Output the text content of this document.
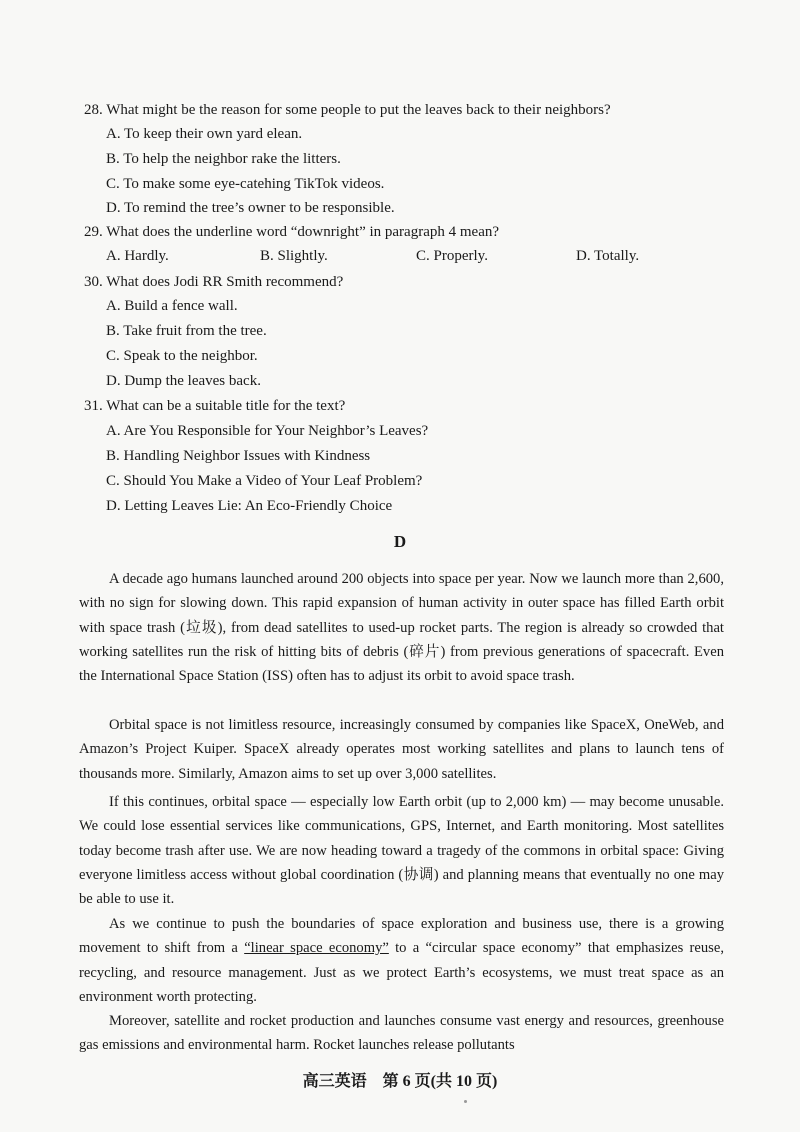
28. What might be the reason for some people to put the leaves back to their neighbors?
A. To keep their own yard elean.
B. To help the neighbor rake the litters.
C. To make some eye-catehing TikTok videos.
D. To remind the tree’s owner to be responsible.
29. What does the underline word “downright” in paragraph 4 mean?
A. Hardly.	B. Slightly.	C. Properly.	D. Totally.
30. What does Jodi RR Smith recommend?
A. Build a fence wall.
B. Take fruit from the tree.
C. Speak to the neighbor.
D. Dump the leaves back.
31. What can be a suitable title for the text?
A. Are You Responsible for Your Neighbor’s Leaves?
B. Handling Neighbor Issues with Kindness
C. Should You Make a Video of Your Leaf Problem?
D. Letting Leaves Lie: An Eco-Friendly Choice
D
A decade ago humans launched around 200 objects into space per year. Now we launch more than 2,600, with no sign for slowing down. This rapid expansion of human activity in outer space has filled Earth orbit with space trash (垃圾), from dead satellites to used-up rocket parts. The region is already so crowded that working satellites run the risk of hitting bits of debris (碎片) from previous generations of spacecraft. Even the International Space Station (ISS) often has to adjust its orbit to avoid space trash.
Orbital space is not limitless resource, increasingly consumed by companies like SpaceX, OneWeb, and Amazon’s Project Kuiper. SpaceX already operates most working satellites and plans to launch tens of thousands more. Similarly, Amazon aims to set up over 3,000 satellites.
If this continues, orbital space — especially low Earth orbit (up to 2,000 km) — may become unusable. We could lose essential services like communications, GPS, Internet, and Earth monitoring. Most satellites today become trash after use. We are now heading toward a tragedy of the commons in orbital space: Giving everyone limitless access without global coordination (协调) and planning means that eventually no one may be able to use it.
As we continue to push the boundaries of space exploration and business use, there is a growing movement to shift from a “linear space economy” to a “circular space economy” that emphasizes reuse, recycling, and resource management. Just as we protect Earth’s ecosystems, we must treat space as an environment worth protecting.
Moreover, satellite and rocket production and launches consume vast energy and resources, greenhouse gas emissions and environmental harm. Rocket launches release pollutants
高三英语　第 6 页(共 10 页)
